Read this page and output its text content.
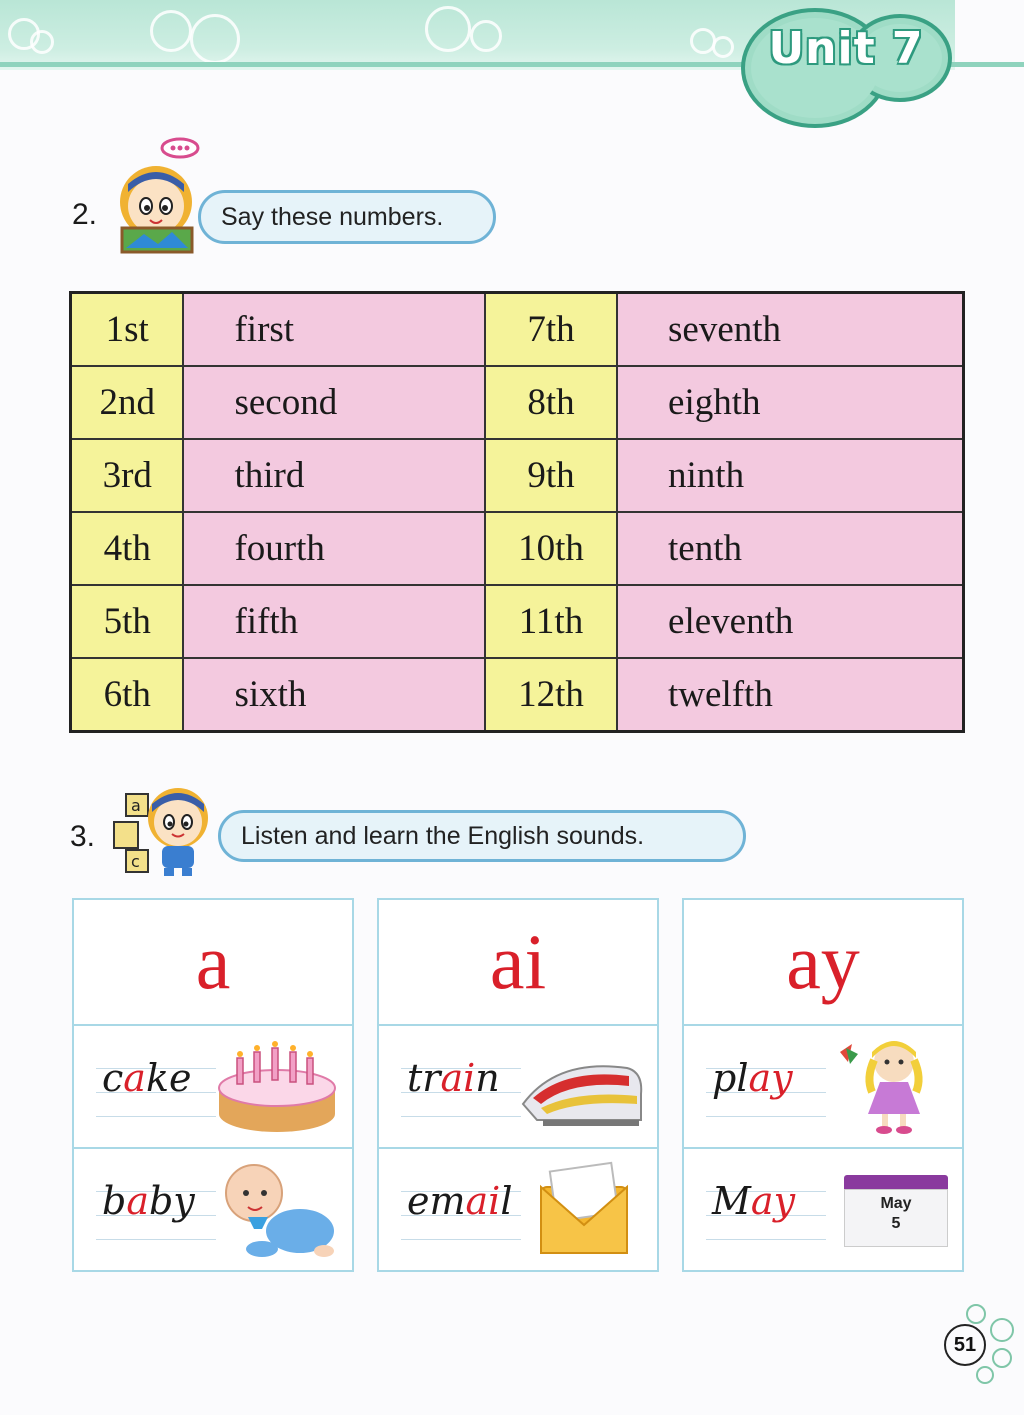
Unit 7
2.	Say these numbers.
1st	first	7th	seventh
2nd	second	8th	eighth
3rd	third	9th	ninth
4th	fourth	10th	tenth
5th	fifth	11th	eleventh
6th	sixth	12th	twelfth
3.
a
c
Listen and learn the English sounds.
a
cake
baby
ai
train
email
ay
play
May	May
5
51
